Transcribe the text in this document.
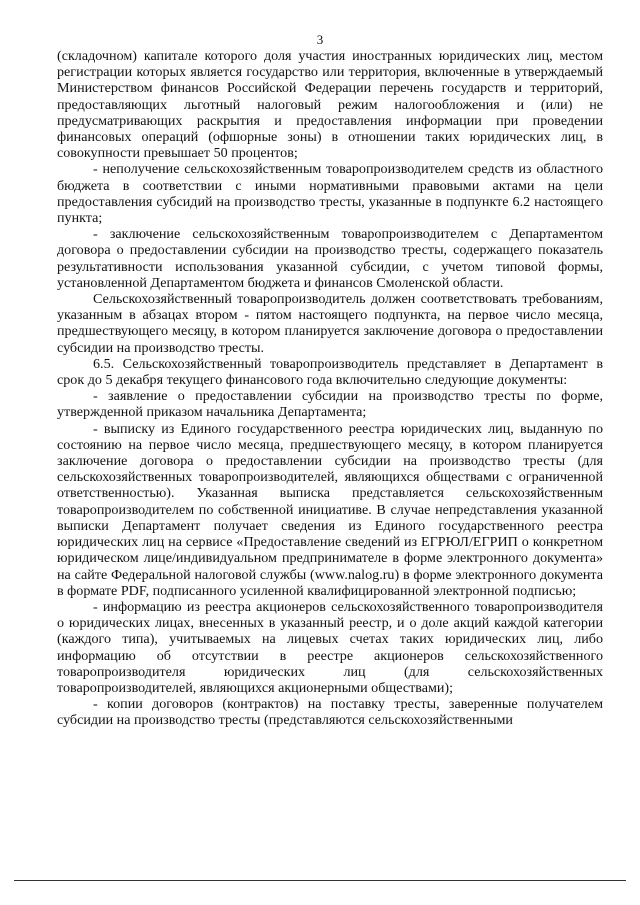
3

(складочном) капитале которого доля участия иностранных юридических лиц, местом регистрации которых является государство или территория, включенные в утверждаемый Министерством финансов Российской Федерации перечень государств и территорий, предоставляющих льготный налоговый режим налогообложения и (или) не предусматривающих раскрытия и предоставления информации при проведении финансовых операций (офшорные зоны) в отношении таких юридических лиц, в совокупности превышает 50 процентов;

- неполучение сельскохозяйственным товаропроизводителем средств из областного бюджета в соответствии с иными нормативными правовыми актами на цели предоставления субсидий на производство тресты, указанные в подпункте 6.2 настоящего пункта;

- заключение сельскохозяйственным товаропроизводителем с Департаментом договора о предоставлении субсидии на производство тресты, содержащего показатель результативности использования указанной субсидии, с учетом типовой формы, установленной Департаментом бюджета и финансов Смоленской области.

Сельскохозяйственный товаропроизводитель должен соответствовать требованиям, указанным в абзацах втором - пятом настоящего подпункта, на первое число месяца, предшествующего месяцу, в котором планируется заключение договора о предоставлении субсидии на производство тресты.

6.5. Сельскохозяйственный товаропроизводитель представляет в Департамент в срок до 5 декабря текущего финансового года включительно следующие документы:

- заявление о предоставлении субсидии на производство тресты по форме, утвержденной приказом начальника Департамента;

- выписку из Единого государственного реестра юридических лиц, выданную по состоянию на первое число месяца, предшествующего месяцу, в котором планируется заключение договора о предоставлении субсидии на производство тресты (для сельскохозяйственных товаропроизводителей, являющихся обществами с ограниченной ответственностью). Указанная выписка представляется сельскохозяйственным товаропроизводителем по собственной инициативе. В случае непредставления указанной выписки Департамент получает сведения из Единого государственного реестра юридических лиц на сервисе «Предоставление сведений из ЕГРЮЛ/ЕГРИП о конкретном юридическом лице/индивидуальном предпринимателе в форме электронного документа» на сайте Федеральной налоговой службы (www.nalog.ru) в форме электронного документа в формате PDF, подписанного усиленной квалифицированной электронной подписью;

- информацию из реестра акционеров сельскохозяйственного товаропроизводителя о юридических лицах, внесенных в указанный реестр, и о доле акций каждой категории (каждого типа), учитываемых на лицевых счетах таких юридических лиц, либо информацию об отсутствии в реестре акционеров сельскохозяйственного товаропроизводителя юридических лиц (для сельскохозяйственных товаропроизводителей, являющихся акционерными обществами);

- копии договоров (контрактов) на поставку тресты, заверенные получателем субсидии на производство тресты (представляются сельскохозяйственными
